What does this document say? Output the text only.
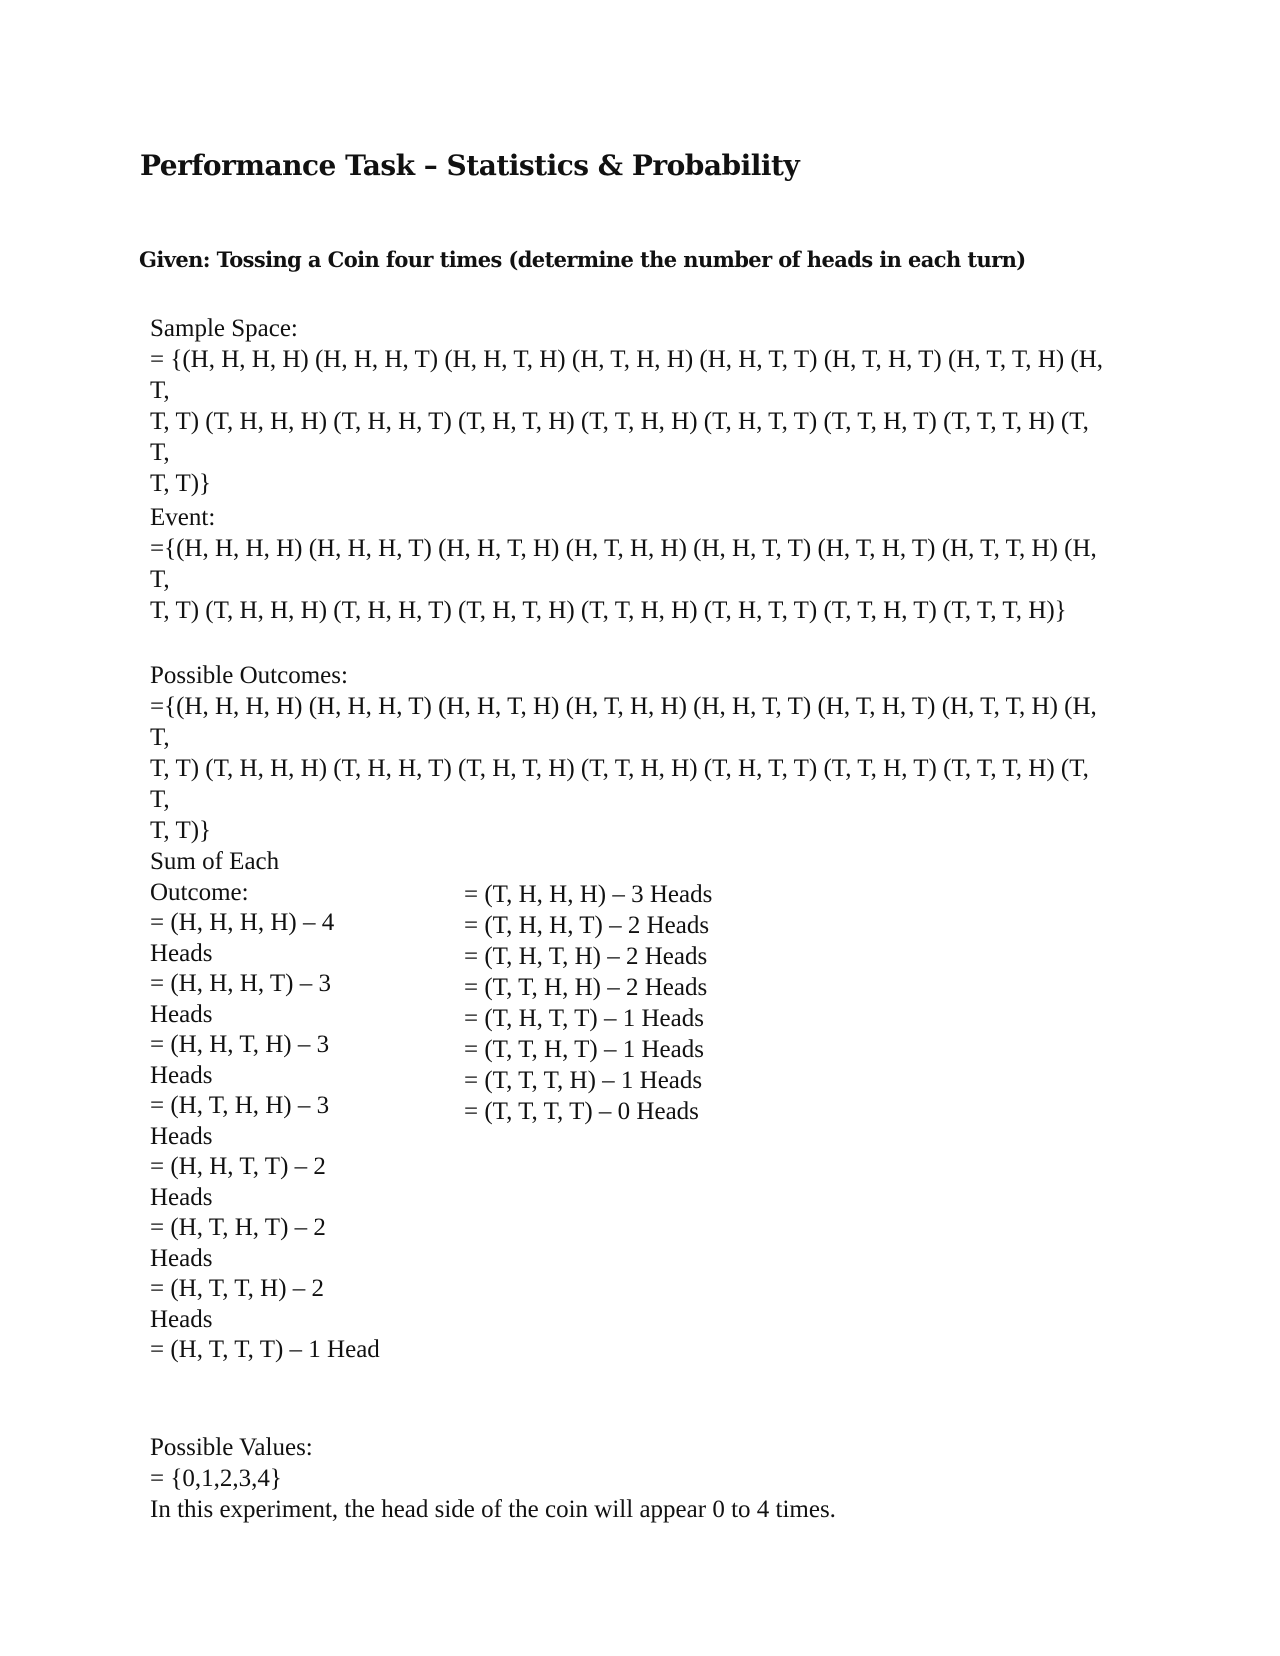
Performance Task – Statistics & Probability
Given: Tossing a Coin four times (determine the number of heads in each turn)

Sample Space:

= {(H, H, H, H) (H, H, H, T) (H, H, T, H) (H, T, H, H) (H, H, T, T) (H, T, H, T) (H, T, T, H) (H, T,

T, T) (T, H, H, H) (T, H, H, T) (T, H, T, H) (T, T, H, H) (T, H, T, T) (T, T, H, T) (T, T, T, H) (T, T,

T, T)}

Event:

={(H, H, H, H) (H, H, H, T) (H, H, T, H) (H, T, H, H) (H, H, T, T) (H, T, H, T) (H, T, T, H) (H, T,

T, T) (T, H, H, H) (T, H, H, T) (T, H, T, H) (T, T, H, H) (T, H, T, T) (T, T, H, T) (T, T, T, H)}

Possible Outcomes:

={(H, H, H, H) (H, H, H, T) (H, H, T, H) (H, T, H, H) (H, H, T, T) (H, T, H, T) (H, T, T, H) (H, T,

T, T) (T, H, H, H) (T, H, H, T) (T, H, T, H) (T, T, H, H) (T, H, T, T) (T, T, H, T) (T, T, T, H) (T, T,

T, T)}

Sum of Each

Outcome:

= (H, H, H, H) – 4

Heads

= (H, H, H, T) – 3

Heads

= (H, H, T, H) – 3

Heads

= (H, T, H, H) – 3

Heads

= (H, H, T, T) – 2

Heads

= (H, T, H, T) – 2

Heads

= (H, T, T, H) – 2

Heads

= (H, T, T, T) – 1 Head

= (T, H, H, H) – 3 Heads

= (T, H, H, T) – 2 Heads

= (T, H, T, H) – 2 Heads

= (T, T, H, H) – 2 Heads

= (T, H, T, T) – 1 Heads

= (T, T, H, T) – 1 Heads

= (T, T, T, H) – 1 Heads

= (T, T, T, T) – 0 Heads

Possible Values:

= {0,1,2,3,4}

In this experiment, the head side of the coin will appear 0 to 4 times.
